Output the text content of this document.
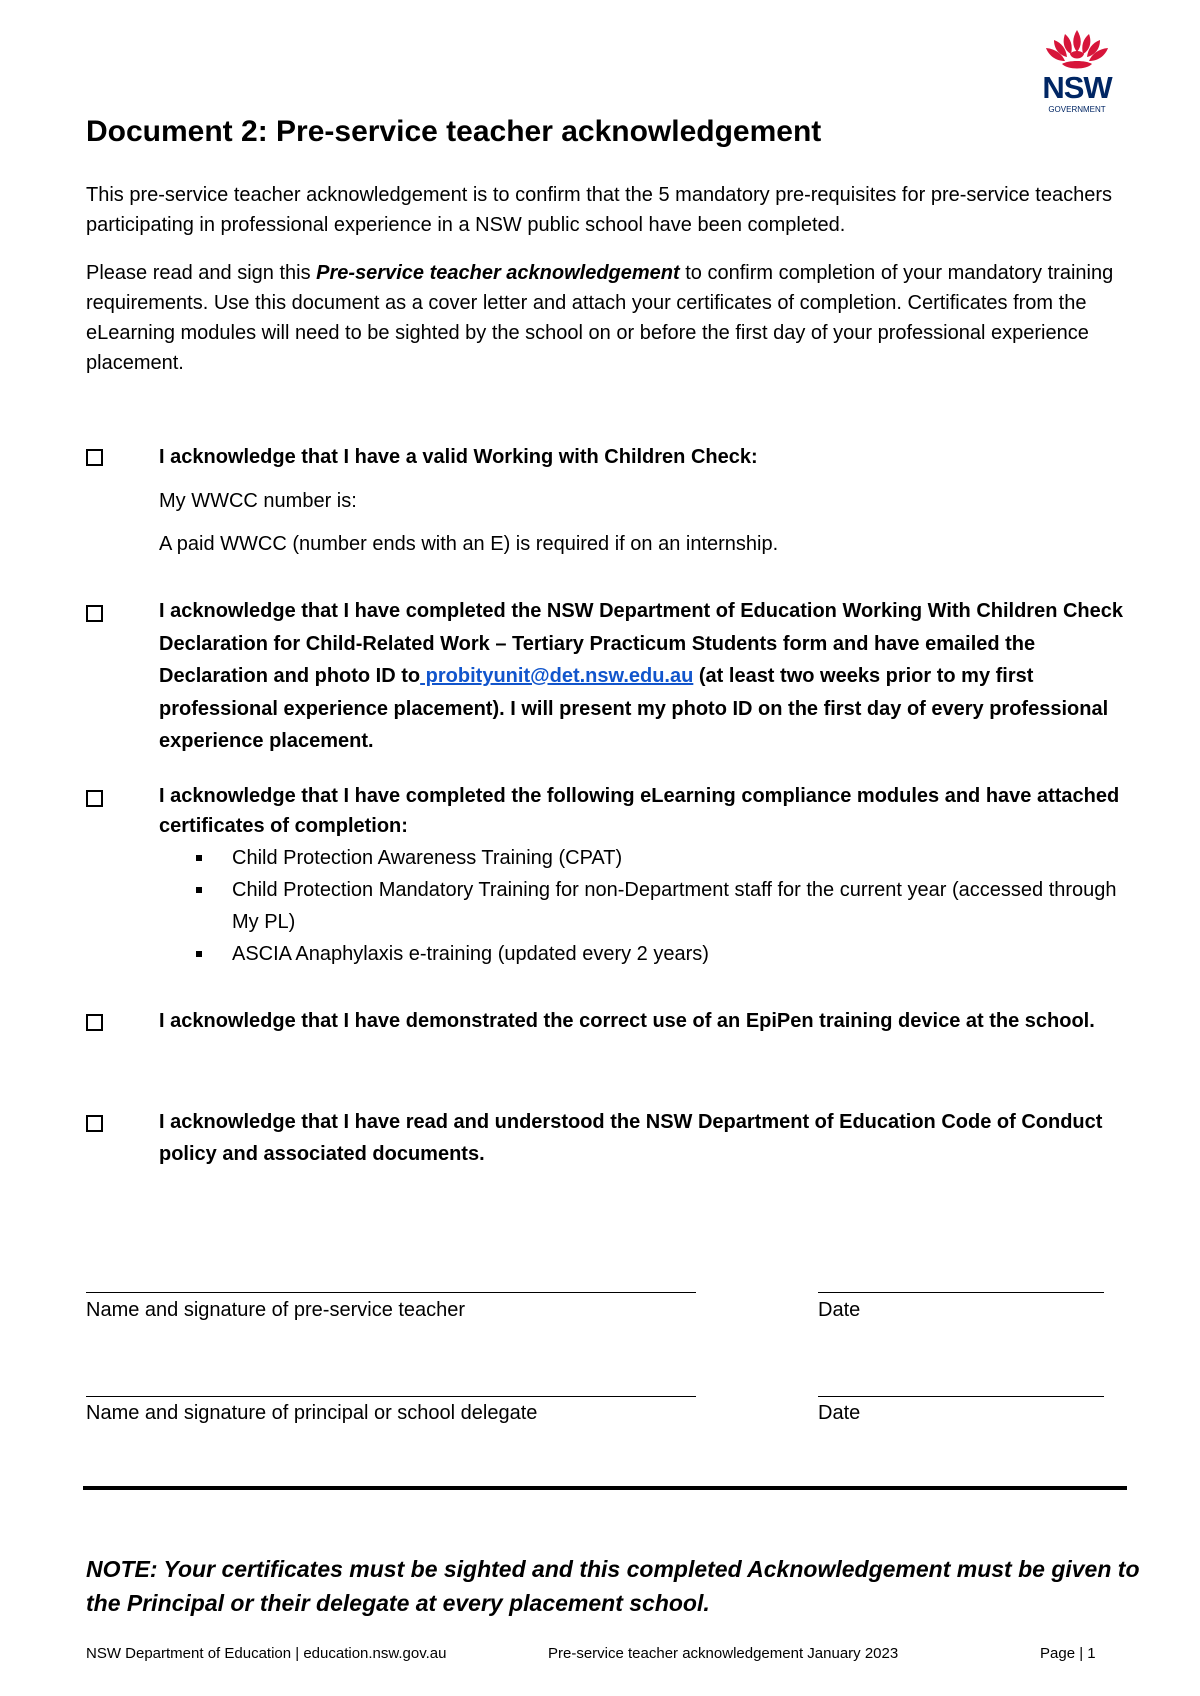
NSW
GOVERNMENT
Document 2: Pre-service teacher acknowledgement

This pre-service teacher acknowledgement is to confirm that the 5 mandatory pre-requisites for pre-service teachers participating in professional experience in a NSW public school have been completed.

Please read and sign this Pre-service teacher acknowledgement to confirm completion of your mandatory training requirements. Use this document as a cover letter and attach your certificates of completion. Certificates from the eLearning modules will need to be sighted by the school on or before the first day of your professional experience placement.

I acknowledge that I have a valid Working with Children Check:
My WWCC number is:
A paid WWCC (number ends with an E) is required if on an internship.
I acknowledge that I have completed the NSW Department of Education Working With Children Check Declaration for Child-Related Work – Tertiary Practicum Students form and have emailed the Declaration and photo ID to probityunit@det.nsw.edu.au (at least two weeks prior to my first professional experience placement). I will present my photo ID on the first day of every professional experience placement.
I acknowledge that I have completed the following eLearning compliance modules and have attached certificates of completion:
Child Protection Awareness Training (CPAT)
Child Protection Mandatory Training for non-Department staff for the current year (accessed through My PL)
ASCIA Anaphylaxis e-training (updated every 2 years)
I acknowledge that I have demonstrated the correct use of an EpiPen training device at the school.
I acknowledge that I have read and understood the NSW Department of Education Code of Conduct policy and associated documents.
Name and signature of pre-service teacher	Date
Name and signature of principal or school delegate	Date

NOTE: Your certificates must be sighted and this completed Acknowledgement must be given to the Principal or their delegate at every placement school.

NSW Department of Education | education.nsw.gov.au	Pre-service teacher acknowledgement January 2023	Page | 1
